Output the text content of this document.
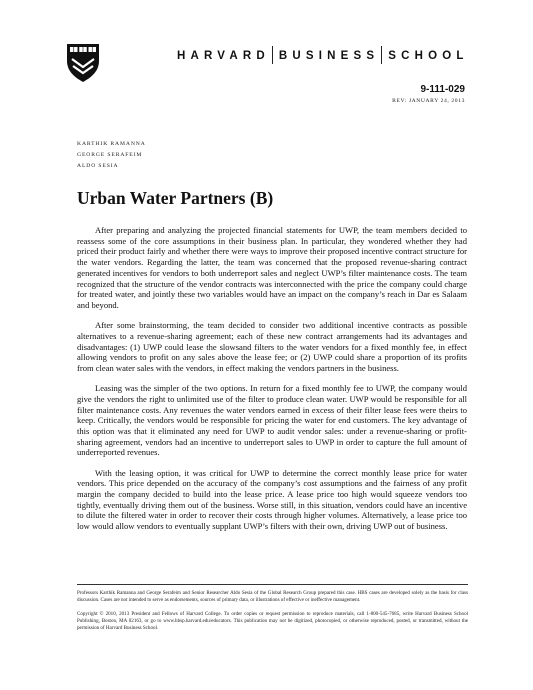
HARVARD BUSINESS SCHOOL
9-111-029
REV: JANUARY 24, 2013
KARTHIK RAMANNA
GEORGE SERAFEIM
ALDO SESIA
Urban Water Partners (B)

After preparing and analyzing the projected financial statements for UWP, the team members decided to reassess some of the core assumptions in their business plan. In particular, they wondered whether they had priced their product fairly and whether there were ways to improve their proposed incentive contract structure for the water vendors. Regarding the latter, the team was concerned that the proposed revenue-sharing contract generated incentives for vendors to both underreport sales and neglect UWP’s filter maintenance costs. The team recognized that the structure of the vendor contracts was interconnected with the price the company could charge for treated water, and jointly these two variables would have an impact on the company’s reach in Dar es Salaam and beyond.

After some brainstorming, the team decided to consider two additional incentive contracts as possible alternatives to a revenue-sharing agreement; each of these new contract arrangements had its advantages and disadvantages: (1) UWP could lease the slowsand filters to the water vendors for a fixed monthly fee, in effect allowing vendors to profit on any sales above the lease fee; or (2) UWP could share a proportion of its profits from clean water sales with the vendors, in effect making the vendors partners in the business.

Leasing was the simpler of the two options. In return for a fixed monthly fee to UWP, the company would give the vendors the right to unlimited use of the filter to produce clean water. UWP would be responsible for all filter maintenance costs. Any revenues the water vendors earned in excess of their filter lease fees were theirs to keep. Critically, the vendors would be responsible for pricing the water for end customers. The key advantage of this option was that it eliminated any need for UWP to audit vendor sales: under a revenue-sharing or profit-sharing agreement, vendors had an incentive to underreport sales to UWP in order to capture the full amount of underreported revenues.

With the leasing option, it was critical for UWP to determine the correct monthly lease price for water vendors. This price depended on the accuracy of the company’s cost assumptions and the fairness of any profit margin the company decided to build into the lease price. A lease price too high would squeeze vendors too tightly, eventually driving them out of the business. Worse still, in this situation, vendors could have an incentive to dilute the filtered water in order to recover their costs through higher volumes. Alternatively, a lease price too low would allow vendors to eventually supplant UWP’s filters with their own, driving UWP out of business.

Professors Karthik Ramanna and George Serafeim and Senior Researcher Aldo Sesia of the Global Research Group prepared this case. HBS cases are developed solely as the basis for class discussion. Cases are not intended to serve as endorsements, sources of primary data, or illustrations of effective or ineffective management.

Copyright © 2010, 2013 President and Fellows of Harvard College. To order copies or request permission to reproduce materials, call 1-800-545-7685, write Harvard Business School Publishing, Boston, MA 02163, or go to www.hbsp.harvard.edu/educators. This publication may not be digitized, photocopied, or otherwise reproduced, posted, or transmitted, without the permission of Harvard Business School.
